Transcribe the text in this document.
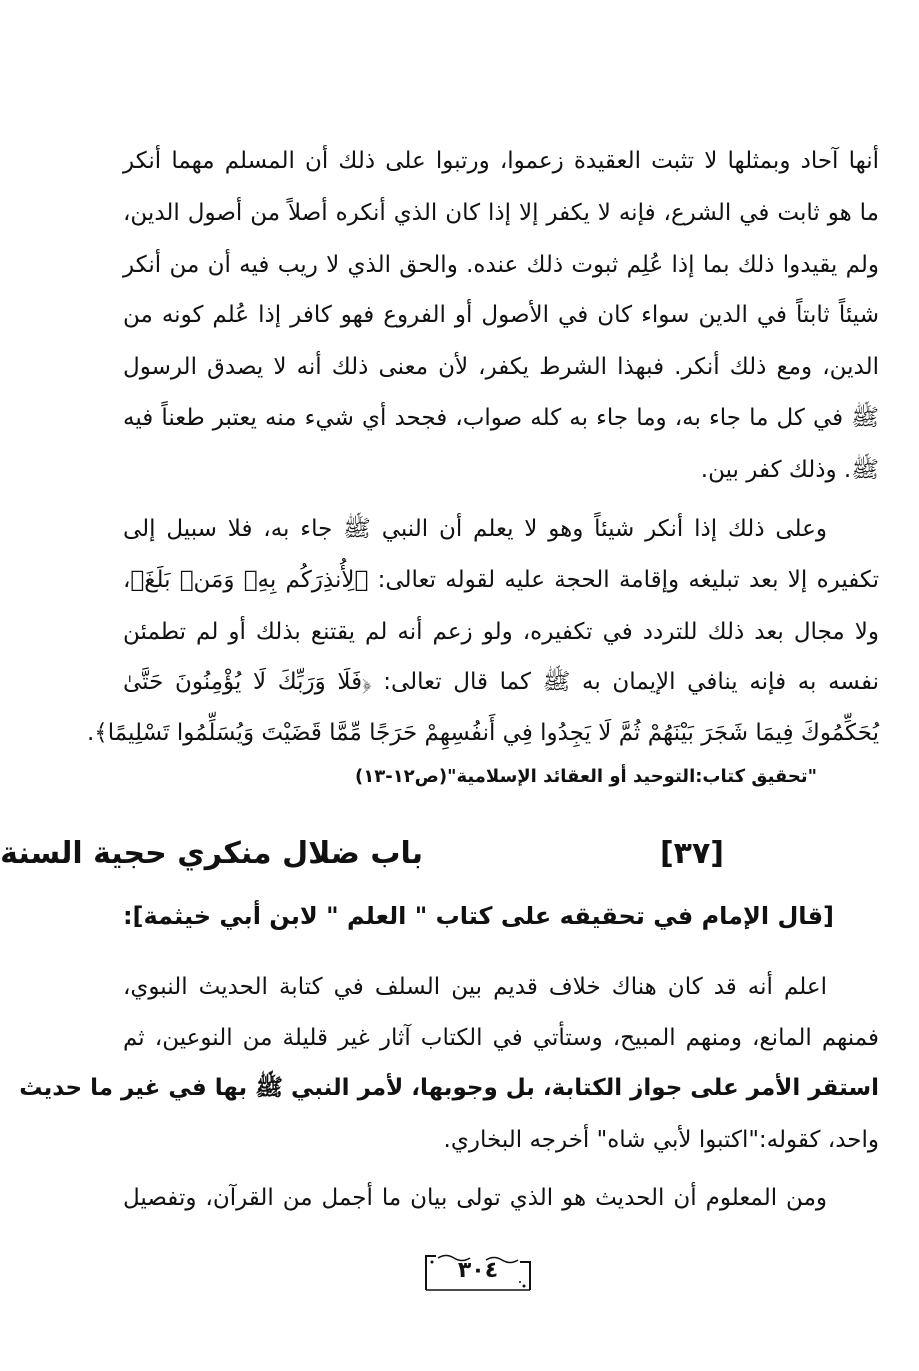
أنها آحاد وبمثلها لا تثبت العقيدة زعموا، ورتبوا على ذلك أن المسلم مهما أنكر
ما هو ثابت في الشرع، فإنه لا يكفر إلا إذا كان الذي أنكره أصلاً من أصول الدين،
ولم يقيدوا ذلك بما إذا عُلِم ثبوت ذلك عنده. والحق الذي لا ريب فيه أن من أنكر
شيئاً ثابتاً في الدين سواء كان في الأصول أو الفروع فهو كافر إذا عُلم كونه من
الدين، ومع ذلك أنكر. فبهذا الشرط يكفر، لأن معنى ذلك أنه لا يصدق الرسول
ﷺ في كل ما جاء به، وما جاء به كله صواب، فجحد أي شيء منه يعتبر طعناً فيه
ﷺ. وذلك كفر بين.
وعلى ذلك إذا أنكر شيئاً وهو لا يعلم أن النبي ﷺ جاء به، فلا سبيل إلى
تكفيره إلا بعد تبليغه وإقامة الحجة عليه لقوله تعالى: ﴿لِأُنذِرَكُم بِهِۦ وَمَنۢ بَلَغَ﴾،
ولا مجال بعد ذلك للتردد في تكفيره، ولو زعم أنه لم يقتنع بذلك أو لم تطمئن
نفسه به فإنه ينافي الإيمان به ﷺ كما قال تعالى: ﴿فَلَا وَرَبِّكَ لَا يُؤْمِنُونَ حَتَّىٰ
يُحَكِّمُوكَ فِيمَا شَجَرَ بَيْنَهُمْ ثُمَّ لَا يَجِدُوا فِي أَنفُسِهِمْ حَرَجًا مِّمَّا قَضَيْتَ وَيُسَلِّمُوا تَسْلِيمًا﴾.
"تحقيق كتاب:التوحيد أو العقائد الإسلامية"(ص١٢-١٣)
[٣٧]
باب ضلال منكري حجية السنة
[قال الإمام في تحقيقه على كتاب " العلم " لابن أبي خيثمة]:
اعلم أنه قد كان هناك خلاف قديم بين السلف في كتابة الحديث النبوي،
فمنهم المانع، ومنهم المبيح، وستأتي في الكتاب آثار غير قليلة من النوعين، ثم
استقر الأمر على جواز الكتابة، بل وجوبها، لأمر النبي ﷺ بها في غير ما حديث
واحد، كقوله:"اكتبوا لأبي شاه" أخرجه البخاري.
ومن المعلوم أن الحديث هو الذي تولى بيان ما أجمل من القرآن، وتفصيل
٣٠٤
